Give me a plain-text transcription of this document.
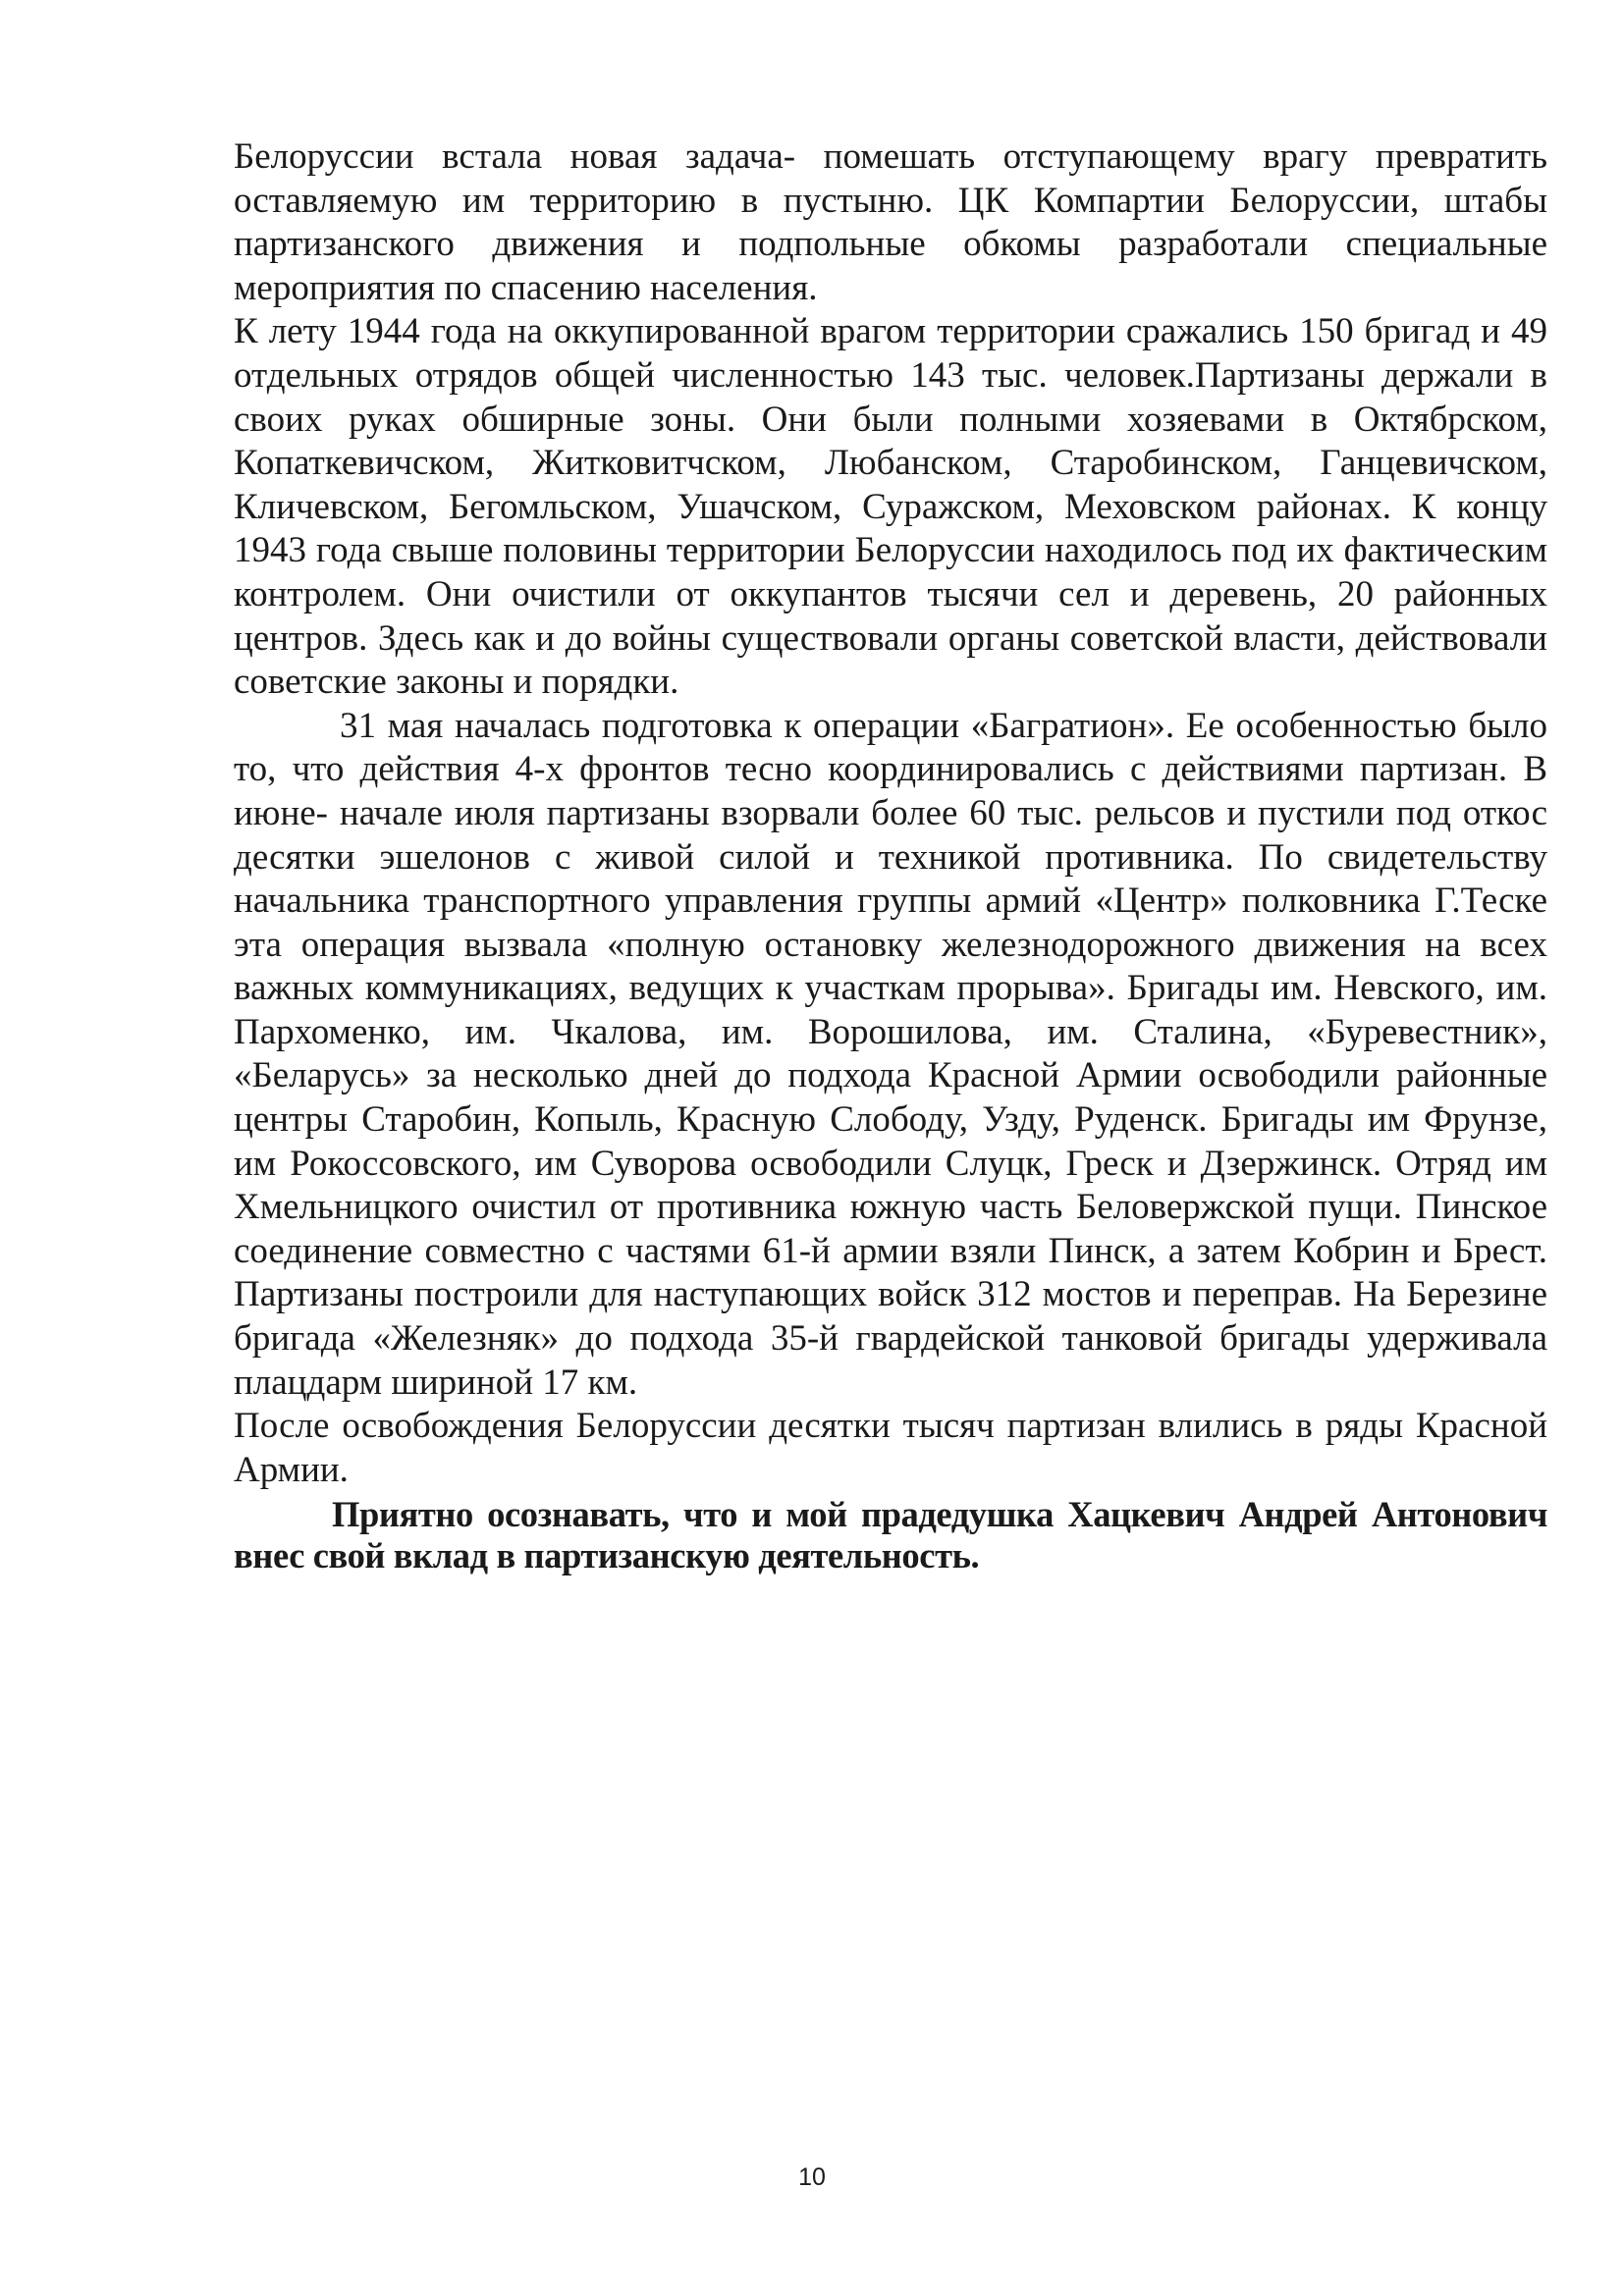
Белоруссии встала новая задача- помешать отступающему врагу превратить оставляемую им территорию в пустыню. ЦК Компартии Белоруссии, штабы партизанского движения и подпольные обкомы разработали специальные мероприятия по спасению населения.

К лету 1944 года на оккупированной врагом территории сражались 150 бригад и 49 отдельных отрядов общей численностью 143 тыс. человек.Партизаны держали в своих руках обширные зоны. Они были полными хозяевами в Октябрском, Копаткевичском, Житковитчском, Любанском, Старобинском, Ганцевичском, Кличевском, Бегомльском, Ушачском, Суражском, Меховском районах. К концу 1943 года свыше половины территории Белоруссии находилось под их фактическим контролем. Они очистили от оккупантов тысячи сел и деревень, 20 районных центров. Здесь как и до войны существовали органы советской власти, действовали советские законы и порядки.

31 мая началась подготовка к операции «Багратион». Ее особенностью было то, что действия 4-х фронтов тесно координировались с действиями партизан. В июне- начале июля партизаны взорвали более 60 тыс. рельсов и пустили под откос десятки эшелонов с живой силой и техникой противника. По свидетельству начальника транспортного управления группы армий «Центр» полковника Г.Теске эта операция вызвала «полную остановку железнодорожного движения на всех важных коммуникациях, ведущих к участкам прорыва». Бригады им. Невского, им. Пархоменко, им. Чкалова, им. Ворошилова, им. Сталина, «Буревестник», «Беларусь» за несколько дней до подхода Красной Армии освободили районные центры Старобин, Копыль, Красную Слободу, Узду, Руденск. Бригады им Фрунзе, им Рокоссовского, им Суворова освободили Слуцк, Греск и Дзержинск. Отряд им Хмельницкого очистил от противника южную часть Беловержской пущи. Пинское соединение совместно с частями 61-й армии взяли Пинск, а затем Кобрин и Брест. Партизаны построили для наступающих войск 312 мостов и переправ. На Березине бригада «Железняк» до подхода 35-й гвардейской танковой бригады удерживала плацдарм шириной 17 км.

После освобождения Белоруссии десятки тысяч партизан влились в ряды Красной Армии.

Приятно осознавать, что и мой прадедушка Хацкевич Андрей Антонович внес свой вклад в партизанскую деятельность.

10
